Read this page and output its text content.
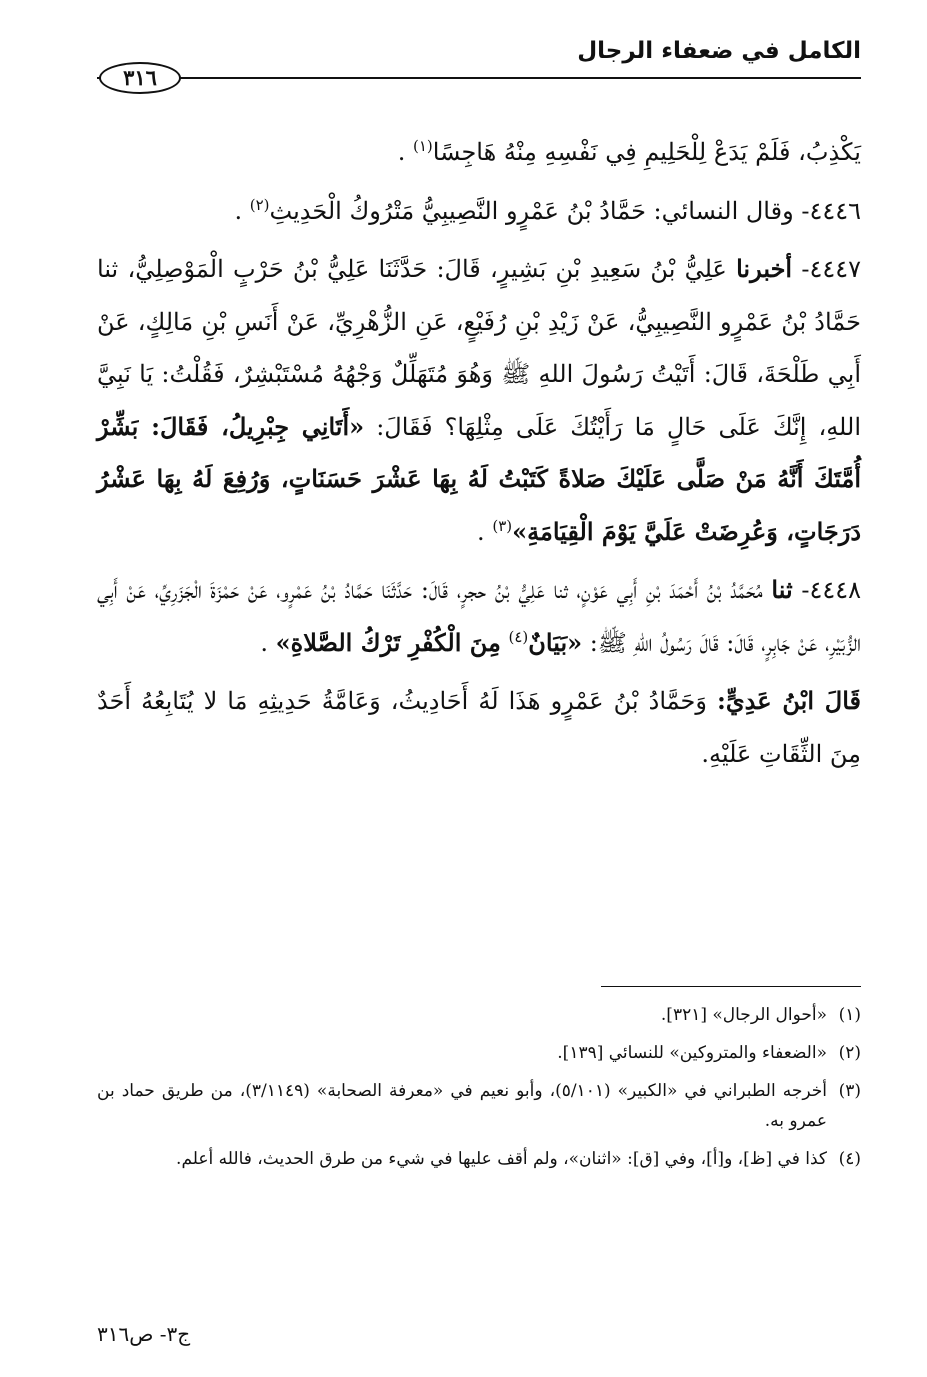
الكامل في ضعفاء الرجال
٣١٦

يَكْذِبُ، فَلَمْ يَدَعْ لِلْحَلِيمِ فِي نَفْسِهِ مِنْهُ هَاجِسًا$^{(١)}$ .

٤٤٤٦- وقال النسائي: حَمَّادُ بْنُ عَمْرٍو النَّصِيبِيُّ مَتْرُوكُ الْحَدِيثِ$^{(٢)}$ .

٤٤٤٧- أخبرنا عَلِيُّ بْنُ سَعِيدِ بْنِ بَشِيرٍ، قَالَ: حَدَّثَنَا عَلِيُّ بْنُ حَرْبٍ الْمَوْصِلِيُّ، ثنا حَمَّادُ بْنُ عَمْرٍو النَّصِيبِيُّ، عَنْ زَيْدِ بْنِ رُفَيْعٍ، عَنِ الزُّهْرِيِّ، عَنْ أَنَسِ بْنِ مَالِكٍ، عَنْ أَبِي طَلْحَةَ، قَالَ: أَتَيْتُ رَسُولَ اللهِ ﷺ وَهُوَ مُتَهَلِّلٌ وَجْهُهُ مُسْتَبْشِرٌ، فَقُلْتُ: يَا نَبِيَّ اللهِ، إِنَّكَ عَلَى حَالٍ مَا رَأَيْتُكَ عَلَى مِثْلِهَا؟ فَقَالَ: «أَتَانِي جِبْرِيلُ، فَقَالَ: بَشِّرْ أُمَّتَكَ أَنَّهُ مَنْ صَلَّى عَلَيْكَ صَلاةً كَتَبْتُ لَهُ بِهَا عَشْرَ حَسَنَاتٍ، وَرُفِعَ لَهُ بِهَا عَشْرُ دَرَجَاتٍ، وَعُرِضَتْ عَلَيَّ يَوْمَ الْقِيَامَةِ»$^{(٣)}$ .

٤٤٤٨- ثنا مُحَمَّدُ بْنُ أَحْمَدَ بْنِ أَبِي عَوْنٍ، ثنا عَلِيُّ بْنُ حجرٍ، قَالَ: حَدَّثَنَا حَمَّادُ بْنُ عَمْرٍو، عَنْ حَمْزَةَ الْجَزَرِيِّ، عَنْ أَبِي الزُّبَيْرِ، عَنْ جَابِرٍ، قَالَ: قَالَ رَسُولُ اللهِ ﷺ: «بَيَانٌ$^{(٤)}$ مِنَ الْكُفْرِ تَرْكُ الصَّلاةِ» .

قَالَ ابْنُ عَدِيٍّ: وَحَمَّادُ بْنُ عَمْرٍو هَذَا لَهُ أَحَادِيثُ، وَعَامَّةُ حَدِيثِهِ مَا لا يُتَابِعُهُ أَحَدٌ مِنَ الثِّقَاتِ عَلَيْهِ.

(١)
«أحوال الرجال» [٣٢١].
(٢)
«الضعفاء والمتروكين» للنسائي [١٣٩].
(٣)
أخرجه الطبراني في «الكبير» (٥/١٠١)، وأبو نعيم في «معرفة الصحابة» (٣/١١٤٩)، من طريق حماد بن عمرو به.
(٤)
كذا في [ظ]، و[أ]، وفي [ق]: «اثنان»، ولم أقف عليها في شيء من طرق الحديث، فالله أعلم.
ج٣- ص٣١٦
